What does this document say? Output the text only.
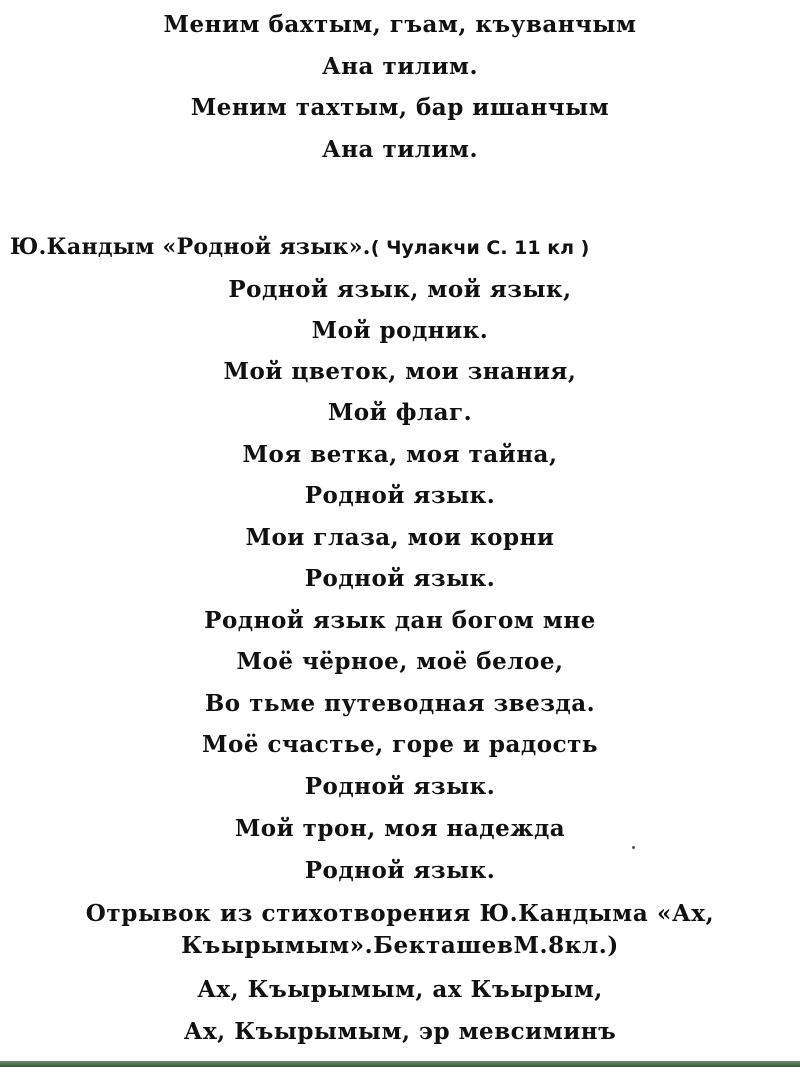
Меним бахтым, гъам, къуванчым
Ана тилим.
Меним тахтым, бар ишанчым
Ана тилим.
Ю.Кандым «Родной язык».( Чулакчи С. 11 кл )
Родной язык, мой язык,
Мой родник.
Мой цветок, мои знания,
Мой флаг.
Моя ветка, моя тайна,
Родной язык.
Мои глаза, мои корни
Родной язык.
Родной язык дан богом мне
Моё чёрное, моё белое,
Во тьме путеводная звезда.
Моё счастье, горе и радость
Родной язык.
Мой трон, моя надежда
Родной язык.
Отрывок из стихотворения Ю.Кандыма «Ах,
Къырымым».БекташевМ.8кл.)
Ах, Къырымым, ах Къырым,
Ах, Къырымым, эр мевсиминъ
